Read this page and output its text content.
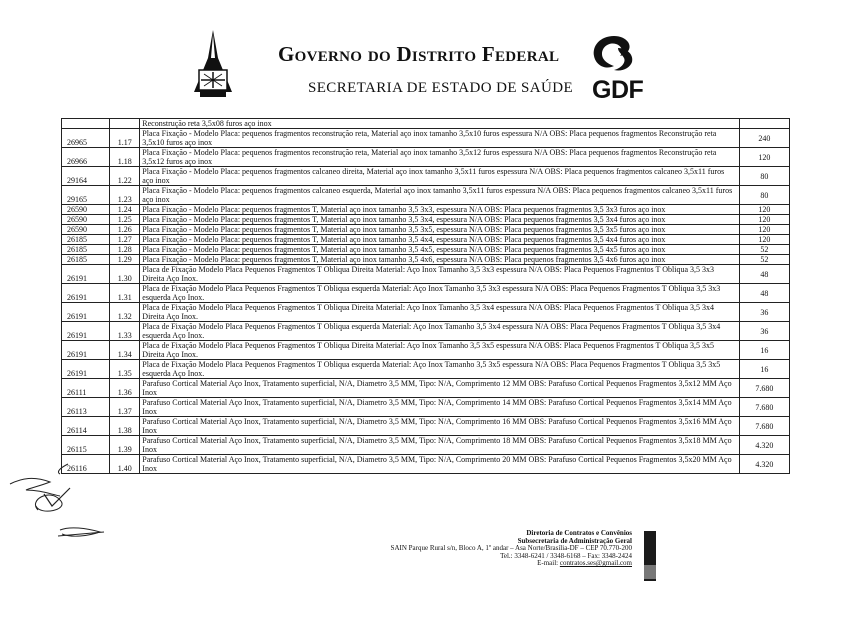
Governo do Distrito Federal
SECRETARIA DE ESTADO DE SAÚDE GDF
		Reconstrução reta 3,5x08 furos aço inox	
26965	1.17	Placa Fixação - Modelo Placa: pequenos fragmentos reconstrução reta, Material aço inox tamanho 3,5x10 furos espessura N/A OBS: Placa pequenos fragmentos Reconstrução reta 3,5x10 furos aço inox	240
26966	1.18	Placa Fixação - Modelo Placa: pequenos fragmentos reconstrução reta, Material aço inox tamanho 3,5x12 furos espessura N/A OBS: Placa pequenos fragmentos Reconstrução reta 3,5x12 furos aço inox	120
29164	1.22	Placa Fixação - Modelo Placa: pequenos fragmentos calcaneo direita, Material aço inox tamanho 3,5x11 furos espessura N/A OBS: Placa pequenos fragmentos calcaneo 3,5x11 furos aço inox	80
29165	1.23	Placa Fixação - Modelo Placa: pequenos fragmentos calcaneo esquerda, Material aço inox tamanho 3,5x11 furos espessura N/A OBS: Placa pequenos fragmentos calcaneo 3,5x11 furos aço inox	80
26590	1.24	Placa Fixação - Modelo Placa: pequenos fragmentos T, Material aço inox tamanho 3,5 3x3, espessura N/A OBS: Placa pequenos fragmentos 3,5 3x3 furos aço inox	120
26590	1.25	Placa Fixação - Modelo Placa: pequenos fragmentos T, Material aço inox tamanho 3,5 3x4, espessura N/A OBS: Placa pequenos fragmentos 3,5 3x4 furos aço inox	120
26590	1.26	Placa Fixação - Modelo Placa: pequenos fragmentos T, Material aço inox tamanho 3,5 3x5, espessura N/A OBS: Placa pequenos fragmentos 3,5 3x5 furos aço inox	120
26185	1.27	Placa Fixação - Modelo Placa: pequenos fragmentos T, Material aço inox tamanho 3,5 4x4, espessura N/A OBS: Placa pequenos fragmentos 3,5 4x4 furos aço inox	120
26185	1.28	Placa Fixação - Modelo Placa: pequenos fragmentos T, Material aço inox tamanho 3,5 4x5, espessura N/A OBS: Placa pequenos fragmentos 3,5 4x5 furos aço inox	52
26185	1.29	Placa Fixação - Modelo Placa: pequenos fragmentos T, Material aço inox tamanho 3,5 4x6, espessura N/A OBS: Placa pequenos fragmentos 3,5 4x6 furos aço inox	52
26191	1.30	Placa de Fixação Modelo Placa Pequenos Fragmentos T Obliqua Direita Material: Aço Inox Tamanho 3,5 3x3 espessura N/A OBS: Placa Pequenos Fragmentos T Obliqua 3,5 3x3 Direita Aço Inox.	48
26191	1.31	Placa de Fixação Modelo Placa Pequenos Fragmentos T Obliqua esquerda Material: Aço Inox Tamanho 3,5 3x3 espessura N/A OBS: Placa Pequenos Fragmentos T Obliqua 3,5 3x3 esquerda Aço Inox.	48
26191	1.32	Placa de Fixação Modelo Placa Pequenos Fragmentos T Obliqua Direita Material: Aço Inox Tamanho 3,5 3x4 espessura N/A OBS: Placa Pequenos Fragmentos T Obliqua 3,5 3x4 Direita Aço Inox.	36
26191	1.33	Placa de Fixação Modelo Placa Pequenos Fragmentos T Obliqua esquerda Material: Aço Inox Tamanho 3,5 3x4 espessura N/A OBS: Placa Pequenos Fragmentos T Obliqua 3,5 3x4 esquerda Aço Inox.	36
26191	1.34	Placa de Fixação Modelo Placa Pequenos Fragmentos T Obliqua Direita Material: Aço Inox Tamanho 3,5 3x5 espessura N/A OBS: Placa Pequenos Fragmentos T Obliqua 3,5 3x5 Direita Aço Inox.	16
26191	1.35	Placa de Fixação Modelo Placa Pequenos Fragmentos T Obliqua esquerda Material: Aço Inox Tamanho 3,5 3x5 espessura N/A OBS: Placa Pequenos Fragmentos T Obliqua 3,5 3x5 esquerda Aço Inox.	16
26111	1.36	Parafuso Cortical Material Aço Inox, Tratamento superficial, N/A, Diametro 3,5 MM, Tipo: N/A, Comprimento 12 MM OBS: Parafuso Cortical Pequenos Fragmentos 3,5x12 MM Aço Inox	7.680
26113	1.37	Parafuso Cortical Material Aço Inox, Tratamento superficial, N/A, Diametro 3,5 MM, Tipo: N/A, Comprimento 14 MM OBS: Parafuso Cortical Pequenos Fragmentos 3,5x14 MM Aço Inox	7.680
26114	1.38	Parafuso Cortical Material Aço Inox, Tratamento superficial, N/A, Diametro 3,5 MM, Tipo: N/A, Comprimento 16 MM OBS: Parafuso Cortical Pequenos Fragmentos 3,5x16 MM Aço Inox	7.680
26115	1.39	Parafuso Cortical Material Aço Inox, Tratamento superficial, N/A, Diametro 3,5 MM, Tipo: N/A, Comprimento 18 MM OBS: Parafuso Cortical Pequenos Fragmentos 3,5x18 MM Aço Inox	4.320
26116	1.40	Parafuso Cortical Material Aço Inox, Tratamento superficial, N/A, Diametro 3,5 MM, Tipo: N/A, Comprimento 20 MM OBS: Parafuso Cortical Pequenos Fragmentos 3,5x20 MM Aço Inox	4.320
Diretoria de Contratos e Convênios
Subsecretaria de Administração Geral
SAIN Parque Rural s/n, Bloco A, 1º andar – Asa Norte/Brasília-DF – CEP 70.770-200
Tel.: 3348-6241 / 3348-6168 – Fax: 3348-2424
E-mail: contratos.ses@gmail.com
